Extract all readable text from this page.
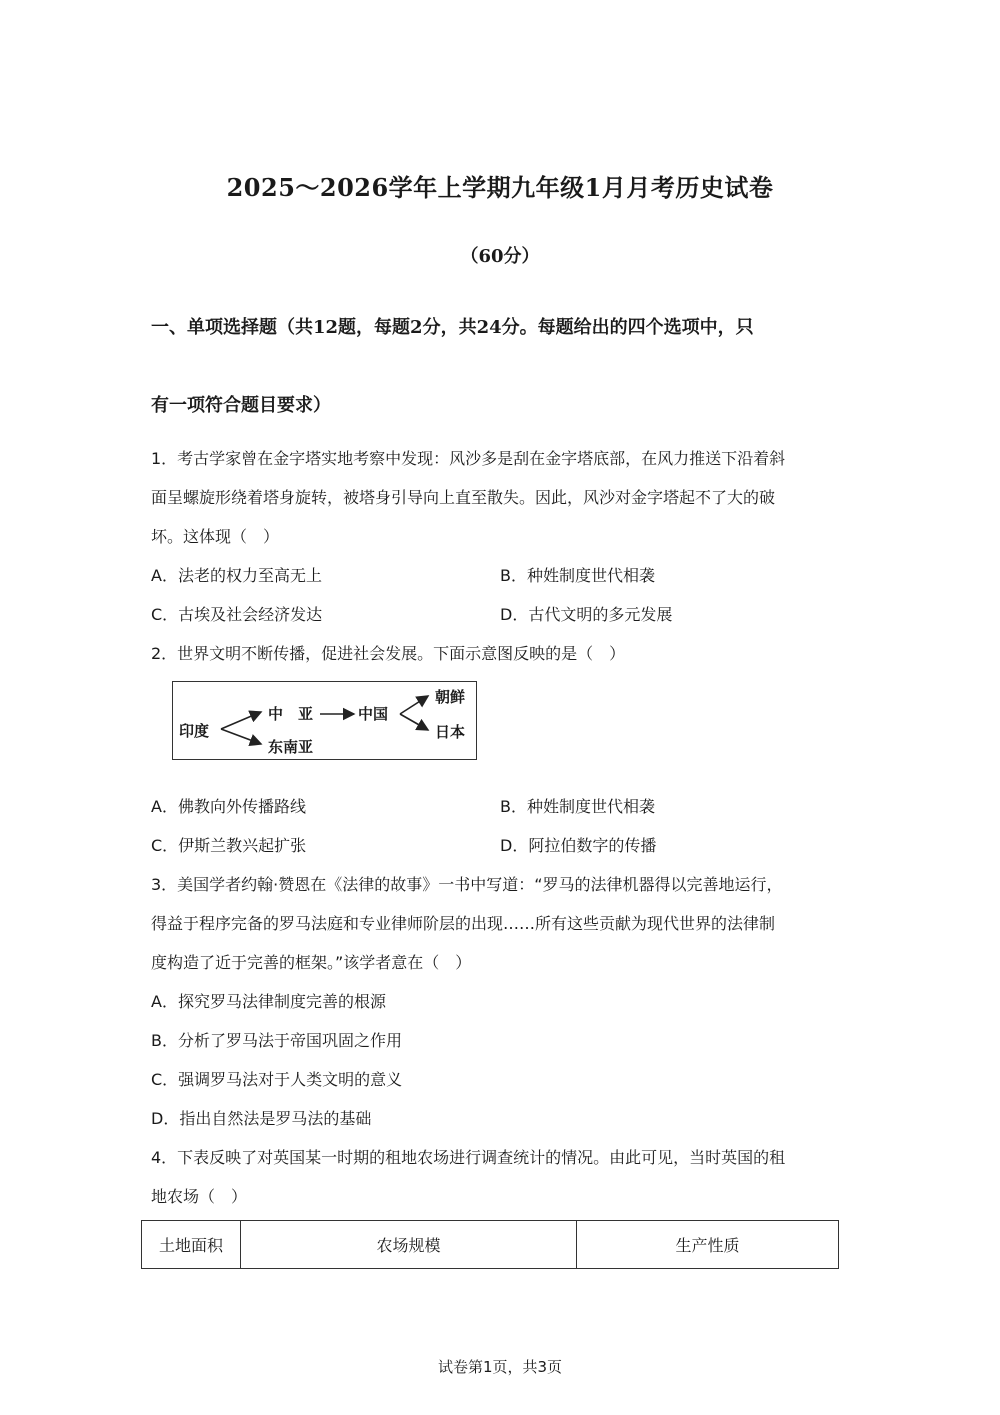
2025～2026学年上学期九年级1月月考历史试卷
（60分）
一、单项选择题（共12题，每题2分，共24分。每题给出的四个选项中，只
有一项符合题目要求）
1．考古学家曾在金字塔实地考察中发现：风沙多是刮在金字塔底部，在风力推送下沿着斜
面呈螺旋形绕着塔身旋转，被塔身引导向上直至散失。因此，风沙对金字塔起不了大的破
坏。这体现（　）
A．法老的权力至高无上	B．种姓制度世代相袭
C．古埃及社会经济发达	D．古代文明的多元发展
2．世界文明不断传播，促进社会发展。下面示意图反映的是（　）
印度
中　亚
东南亚
中国
朝鲜
日本
A．佛教向外传播路线	B．种姓制度世代相袭
C．伊斯兰教兴起扩张	D．阿拉伯数字的传播
3．美国学者约翰·赞恩在《法律的故事》一书中写道：“罗马的法律机器得以完善地运行，
得益于程序完备的罗马法庭和专业律师阶层的出现……所有这些贡献为现代世界的法律制
度构造了近于完善的框架。”该学者意在（　）
A．探究罗马法律制度完善的根源
B．分析了罗马法于帝国巩固之作用
C．强调罗马法对于人类文明的意义
D．指出自然法是罗马法的基础
4．下表反映了对英国某一时期的租地农场进行调查统计的情况。由此可见，当时英国的租
地农场（　）
土地面积	农场规模	生产性质
试卷第1页，共3页
